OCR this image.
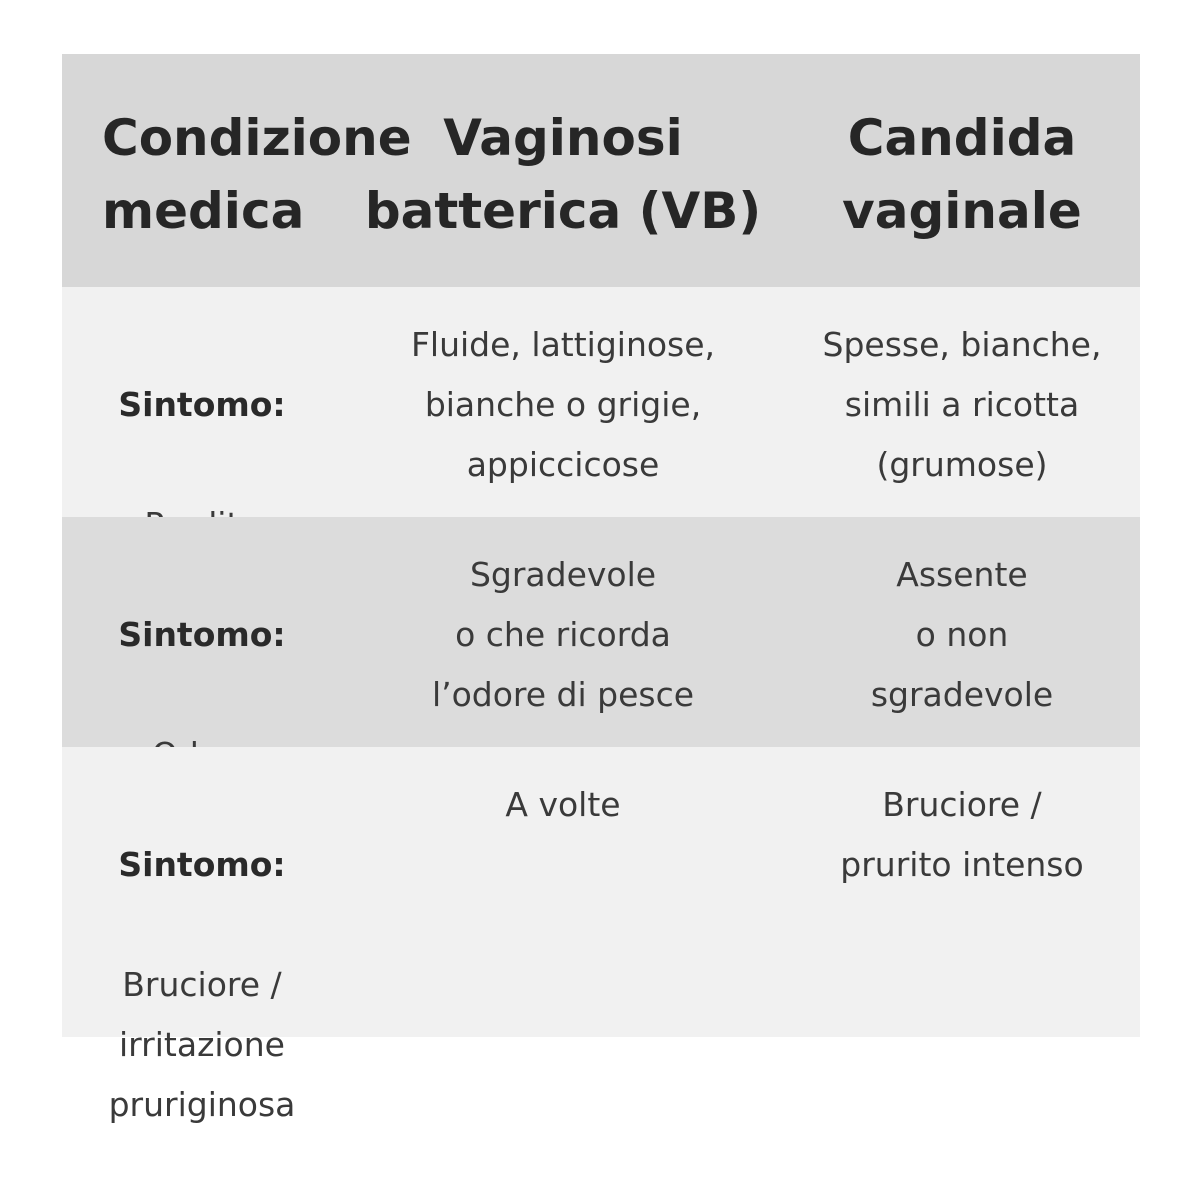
Condizione
medica
Vaginosi
batterica (VB)
Candida
vaginale

Sintomo:

Fluide, lattiginose,
bianche o grigie,
appiccicose
Spesse, bianche,
simili a ricotta
(grumose)

Sintomo:

Sgradevole
o che ricorda
l’odore di pesce
Assente
o non
sgradevole

Sintomo:

Bruciore /
irritazione
pruriginosa

A volte	Bruciore /
prurito intenso
